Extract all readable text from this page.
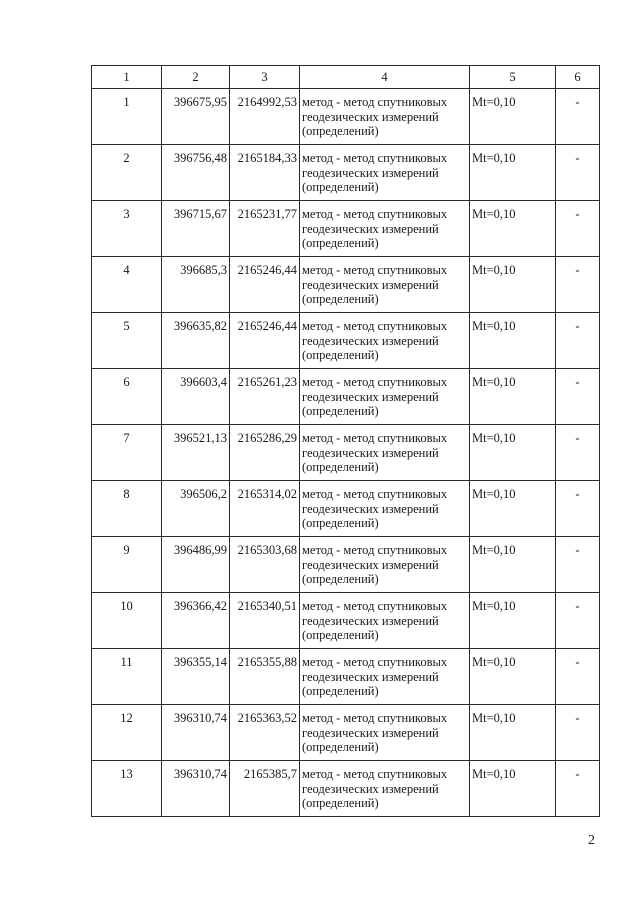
1	2	3	4	5	6
1	396675,95	2164992,53	метод - метод спутниковых
геодезических измерений
(определений)	Mt=0,10	-
2	396756,48	2165184,33	метод - метод спутниковых
геодезических измерений
(определений)	Mt=0,10	-
3	396715,67	2165231,77	метод - метод спутниковых
геодезических измерений
(определений)	Mt=0,10	-
4	396685,3	2165246,44	метод - метод спутниковых
геодезических измерений
(определений)	Mt=0,10	-
5	396635,82	2165246,44	метод - метод спутниковых
геодезических измерений
(определений)	Mt=0,10	-
6	396603,4	2165261,23	метод - метод спутниковых
геодезических измерений
(определений)	Mt=0,10	-
7	396521,13	2165286,29	метод - метод спутниковых
геодезических измерений
(определений)	Mt=0,10	-
8	396506,2	2165314,02	метод - метод спутниковых
геодезических измерений
(определений)	Mt=0,10	-
9	396486,99	2165303,68	метод - метод спутниковых
геодезических измерений
(определений)	Mt=0,10	-
10	396366,42	2165340,51	метод - метод спутниковых
геодезических измерений
(определений)	Mt=0,10	-
11	396355,14	2165355,88	метод - метод спутниковых
геодезических измерений
(определений)	Mt=0,10	-
12	396310,74	2165363,52	метод - метод спутниковых
геодезических измерений
(определений)	Mt=0,10	-
13	396310,74	2165385,7	метод - метод спутниковых
геодезических измерений
(определений)	Mt=0,10	-
2
